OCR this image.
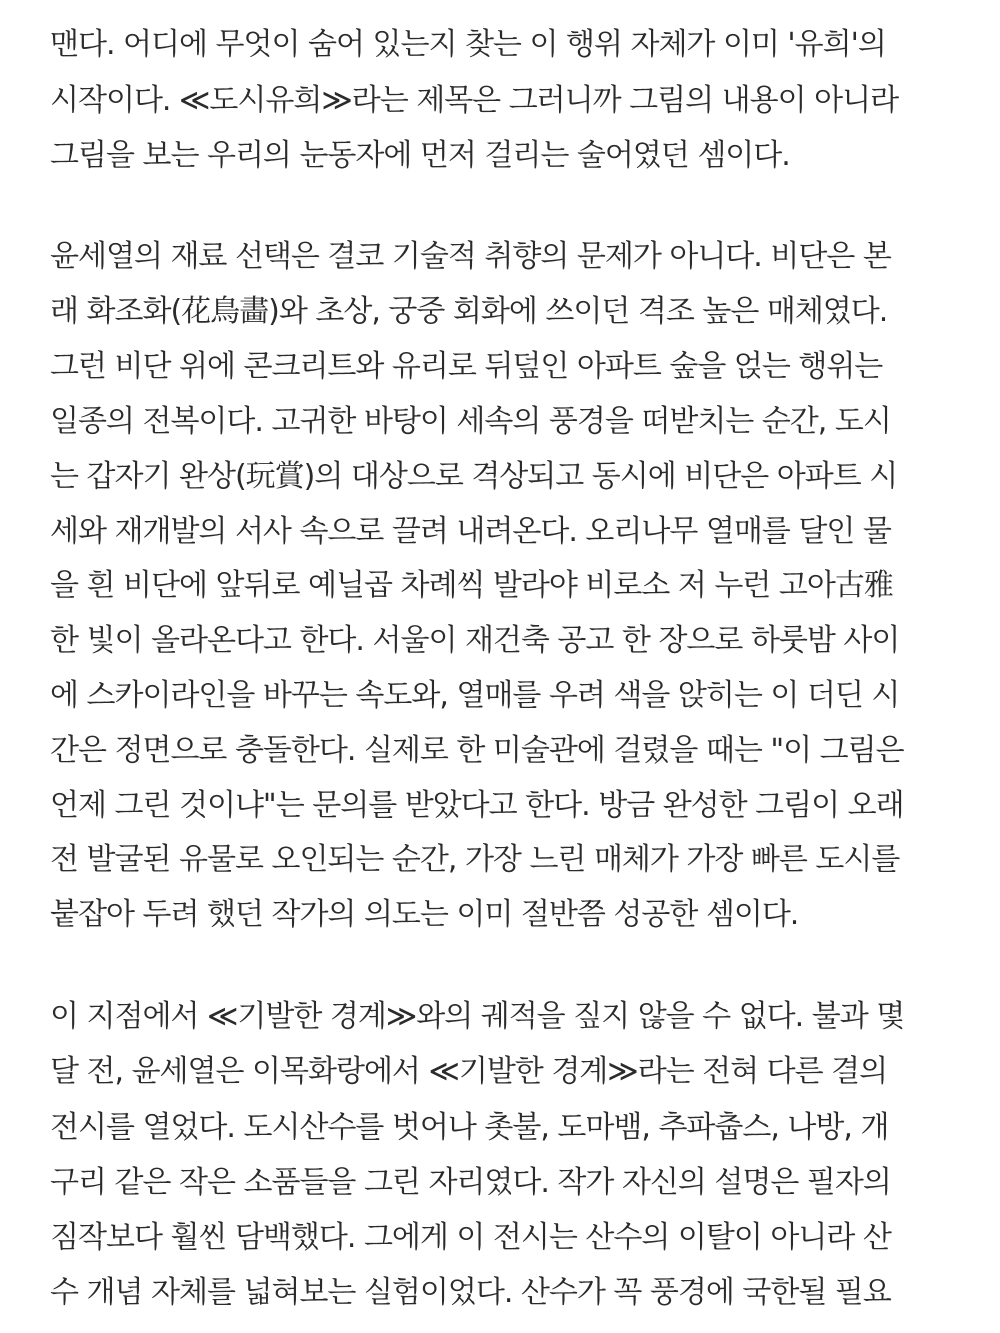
맨다. 어디에 무엇이 숨어 있는지 찾는 이 행위 자체가 이미 '유희'의
시작이다. ≪도시유희≫라는 제목은 그러니까 그림의 내용이 아니라
그림을 보는 우리의 눈동자에 먼저 걸리는 술어였던 셈이다.
윤세열의 재료 선택은 결코 기술적 취향의 문제가 아니다. 비단은 본
래 화조화(花鳥畵)와 초상, 궁중 회화에 쓰이던 격조 높은 매체였다.
그런 비단 위에 콘크리트와 유리로 뒤덮인 아파트 숲을 얹는 행위는
일종의 전복이다. 고귀한 바탕이 세속의 풍경을 떠받치는 순간, 도시
는 갑자기 완상(玩賞)의 대상으로 격상되고 동시에 비단은 아파트 시
세와 재개발의 서사 속으로 끌려 내려온다. 오리나무 열매를 달인 물
을 흰 비단에 앞뒤로 예닐곱 차례씩 발라야 비로소 저 누런 고아古雅
한 빛이 올라온다고 한다. 서울이 재건축 공고 한 장으로 하룻밤 사이
에 스카이라인을 바꾸는 속도와, 열매를 우려 색을 앉히는 이 더딘 시
간은 정면으로 충돌한다. 실제로 한 미술관에 걸렸을 때는 "이 그림은
언제 그린 것이냐"는 문의를 받았다고 한다. 방금 완성한 그림이 오래
전 발굴된 유물로 오인되는 순간, 가장 느린 매체가 가장 빠른 도시를
붙잡아 두려 했던 작가의 의도는 이미 절반쯤 성공한 셈이다.
이 지점에서 ≪기발한 경계≫와의 궤적을 짚지 않을 수 없다. 불과 몇
달 전, 윤세열은 이목화랑에서 ≪기발한 경계≫라는 전혀 다른 결의
전시를 열었다. 도시산수를 벗어나 촛불, 도마뱀, 추파춥스, 나방, 개
구리 같은 작은 소품들을 그린 자리였다. 작가 자신의 설명은 필자의
짐작보다 훨씬 담백했다. 그에게 이 전시는 산수의 이탈이 아니라 산
수 개념 자체를 넓혀보는 실험이었다. 산수가 꼭 풍경에 국한될 필요
